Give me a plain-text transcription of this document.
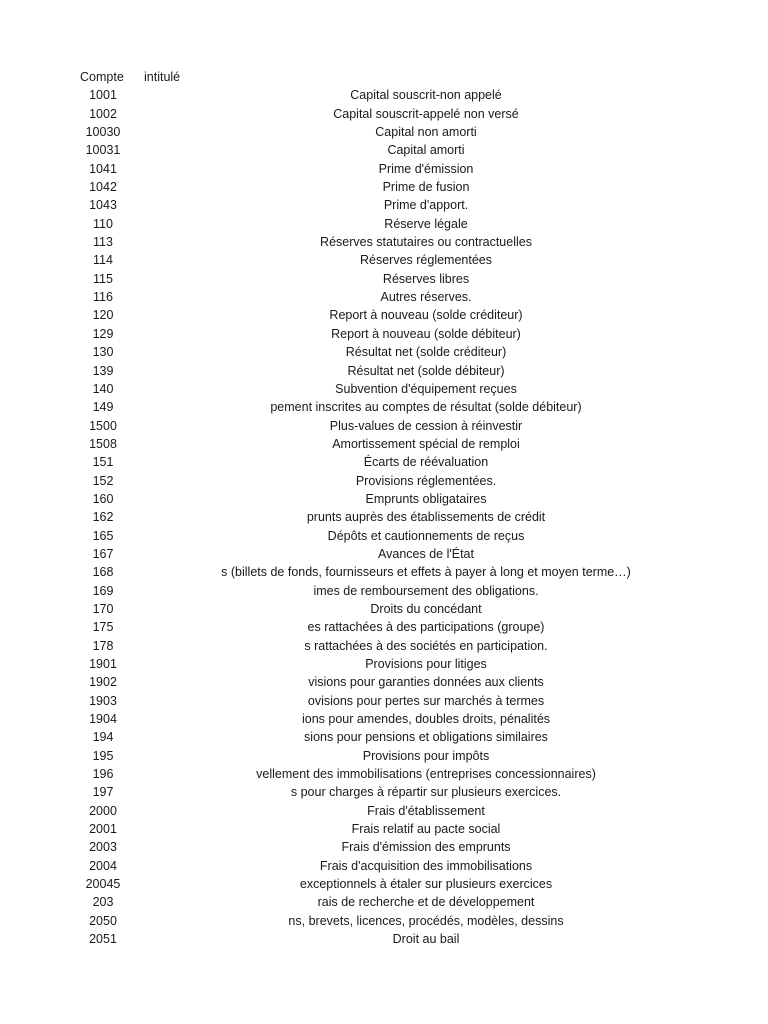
Compte intitulé
1001	Capital souscrit-non appelé
1002	Capital souscrit-appelé non versé
10030	Capital non amorti
10031	Capital amorti
1041	Prime d'émission
1042	Prime de fusion
1043	Prime d'apport.
110	Réserve légale
113	Réserves statutaires ou contractuelles
114	Réserves réglementées
115	Réserves libres
116	Autres réserves.
120	Report à nouveau (solde créditeur)
129	Report à nouveau (solde débiteur)
130	Résultat net (solde créditeur)
139	Résultat net (solde débiteur)
140	Subvention d'équipement reçues
149	pement inscrites au comptes de résultat (solde débiteur)
1500	Plus-values de cession à réinvestir
1508	Amortissement spécial de remploi
151	Écarts de réévaluation
152	Provisions réglementées.
160	Emprunts obligataires
162	prunts auprès des établissements de crédit
165	Dépôts et cautionnements de reçus
167	Avances de l'État
168	s (billets de fonds, fournisseurs et effets à payer à long et moyen terme…)
169	imes de remboursement des obligations.
170	Droits du concédant
175	es rattachées à des participations (groupe)
178	s rattachées à des sociétés en participation.
1901	Provisions pour litiges
1902	visions pour garanties données aux clients
1903	ovisions pour pertes sur marchés à termes
1904	ions pour amendes, doubles droits, pénalités
194	sions pour pensions et obligations similaires
195	Provisions pour impôts
196	vellement des immobilisations (entreprises concessionnaires)
197	s pour charges à répartir sur plusieurs exercices.
2000	Frais d'établissement
2001	Frais relatif au pacte social
2003	Frais d'émission des emprunts
2004	Frais d'acquisition des immobilisations
20045	exceptionnels à étaler sur plusieurs exercices
203	rais de recherche et de développement
2050	ns, brevets, licences, procédés, modèles, dessins
2051	Droit au bail
